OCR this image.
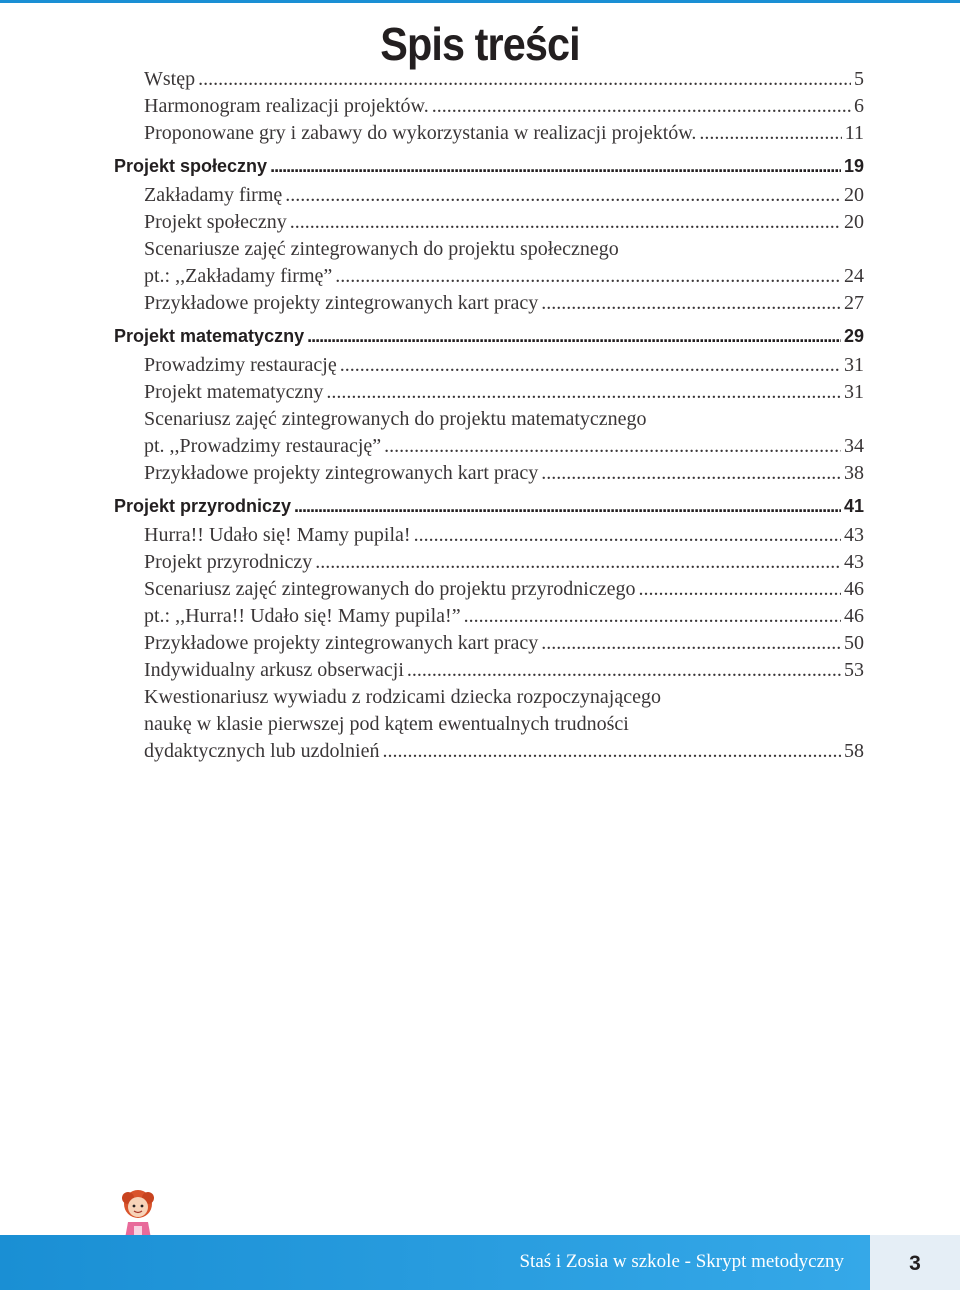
Spis treści
Wstęp .....	5
Harmonogram realizacji projektów. .....	6
Proponowane gry i zabawy do wykorzystania w realizacji projektów. .....	11
Projekt społeczny .....	19
Zakładamy firmę .....	20
Projekt społeczny .....	20
Scenariusze zajęć zintegrowanych do projektu społecznego
pt.: ,,Zakładamy firmę” .....	24
Przykładowe projekty zintegrowanych kart pracy .....	27
Projekt matematyczny .....	29
Prowadzimy restaurację .....	31
Projekt matematyczny .....	31
Scenariusz zajęć zintegrowanych do projektu matematycznego
pt. ,,Prowadzimy restaurację” .....	34
Przykładowe projekty zintegrowanych kart pracy .....	38
Projekt przyrodniczy .....	41
Hurra!! Udało się! Mamy pupila! .....	43
Projekt przyrodniczy .....	43
Scenariusz zajęć zintegrowanych do projektu przyrodniczego .....	46
pt.: ,,Hurra!! Udało się! Mamy pupila!” .....	46
Przykładowe projekty zintegrowanych kart pracy .....	50
Indywidualny arkusz obserwacji .....	53
Kwestionariusz wywiadu z rodzicami dziecka rozpoczynającego
naukę w klasie pierwszej pod kątem ewentualnych trudności
dydaktycznych lub uzdolnień .....	58
Staś i Zosia w szkole - Skrypt metodyczny	3
